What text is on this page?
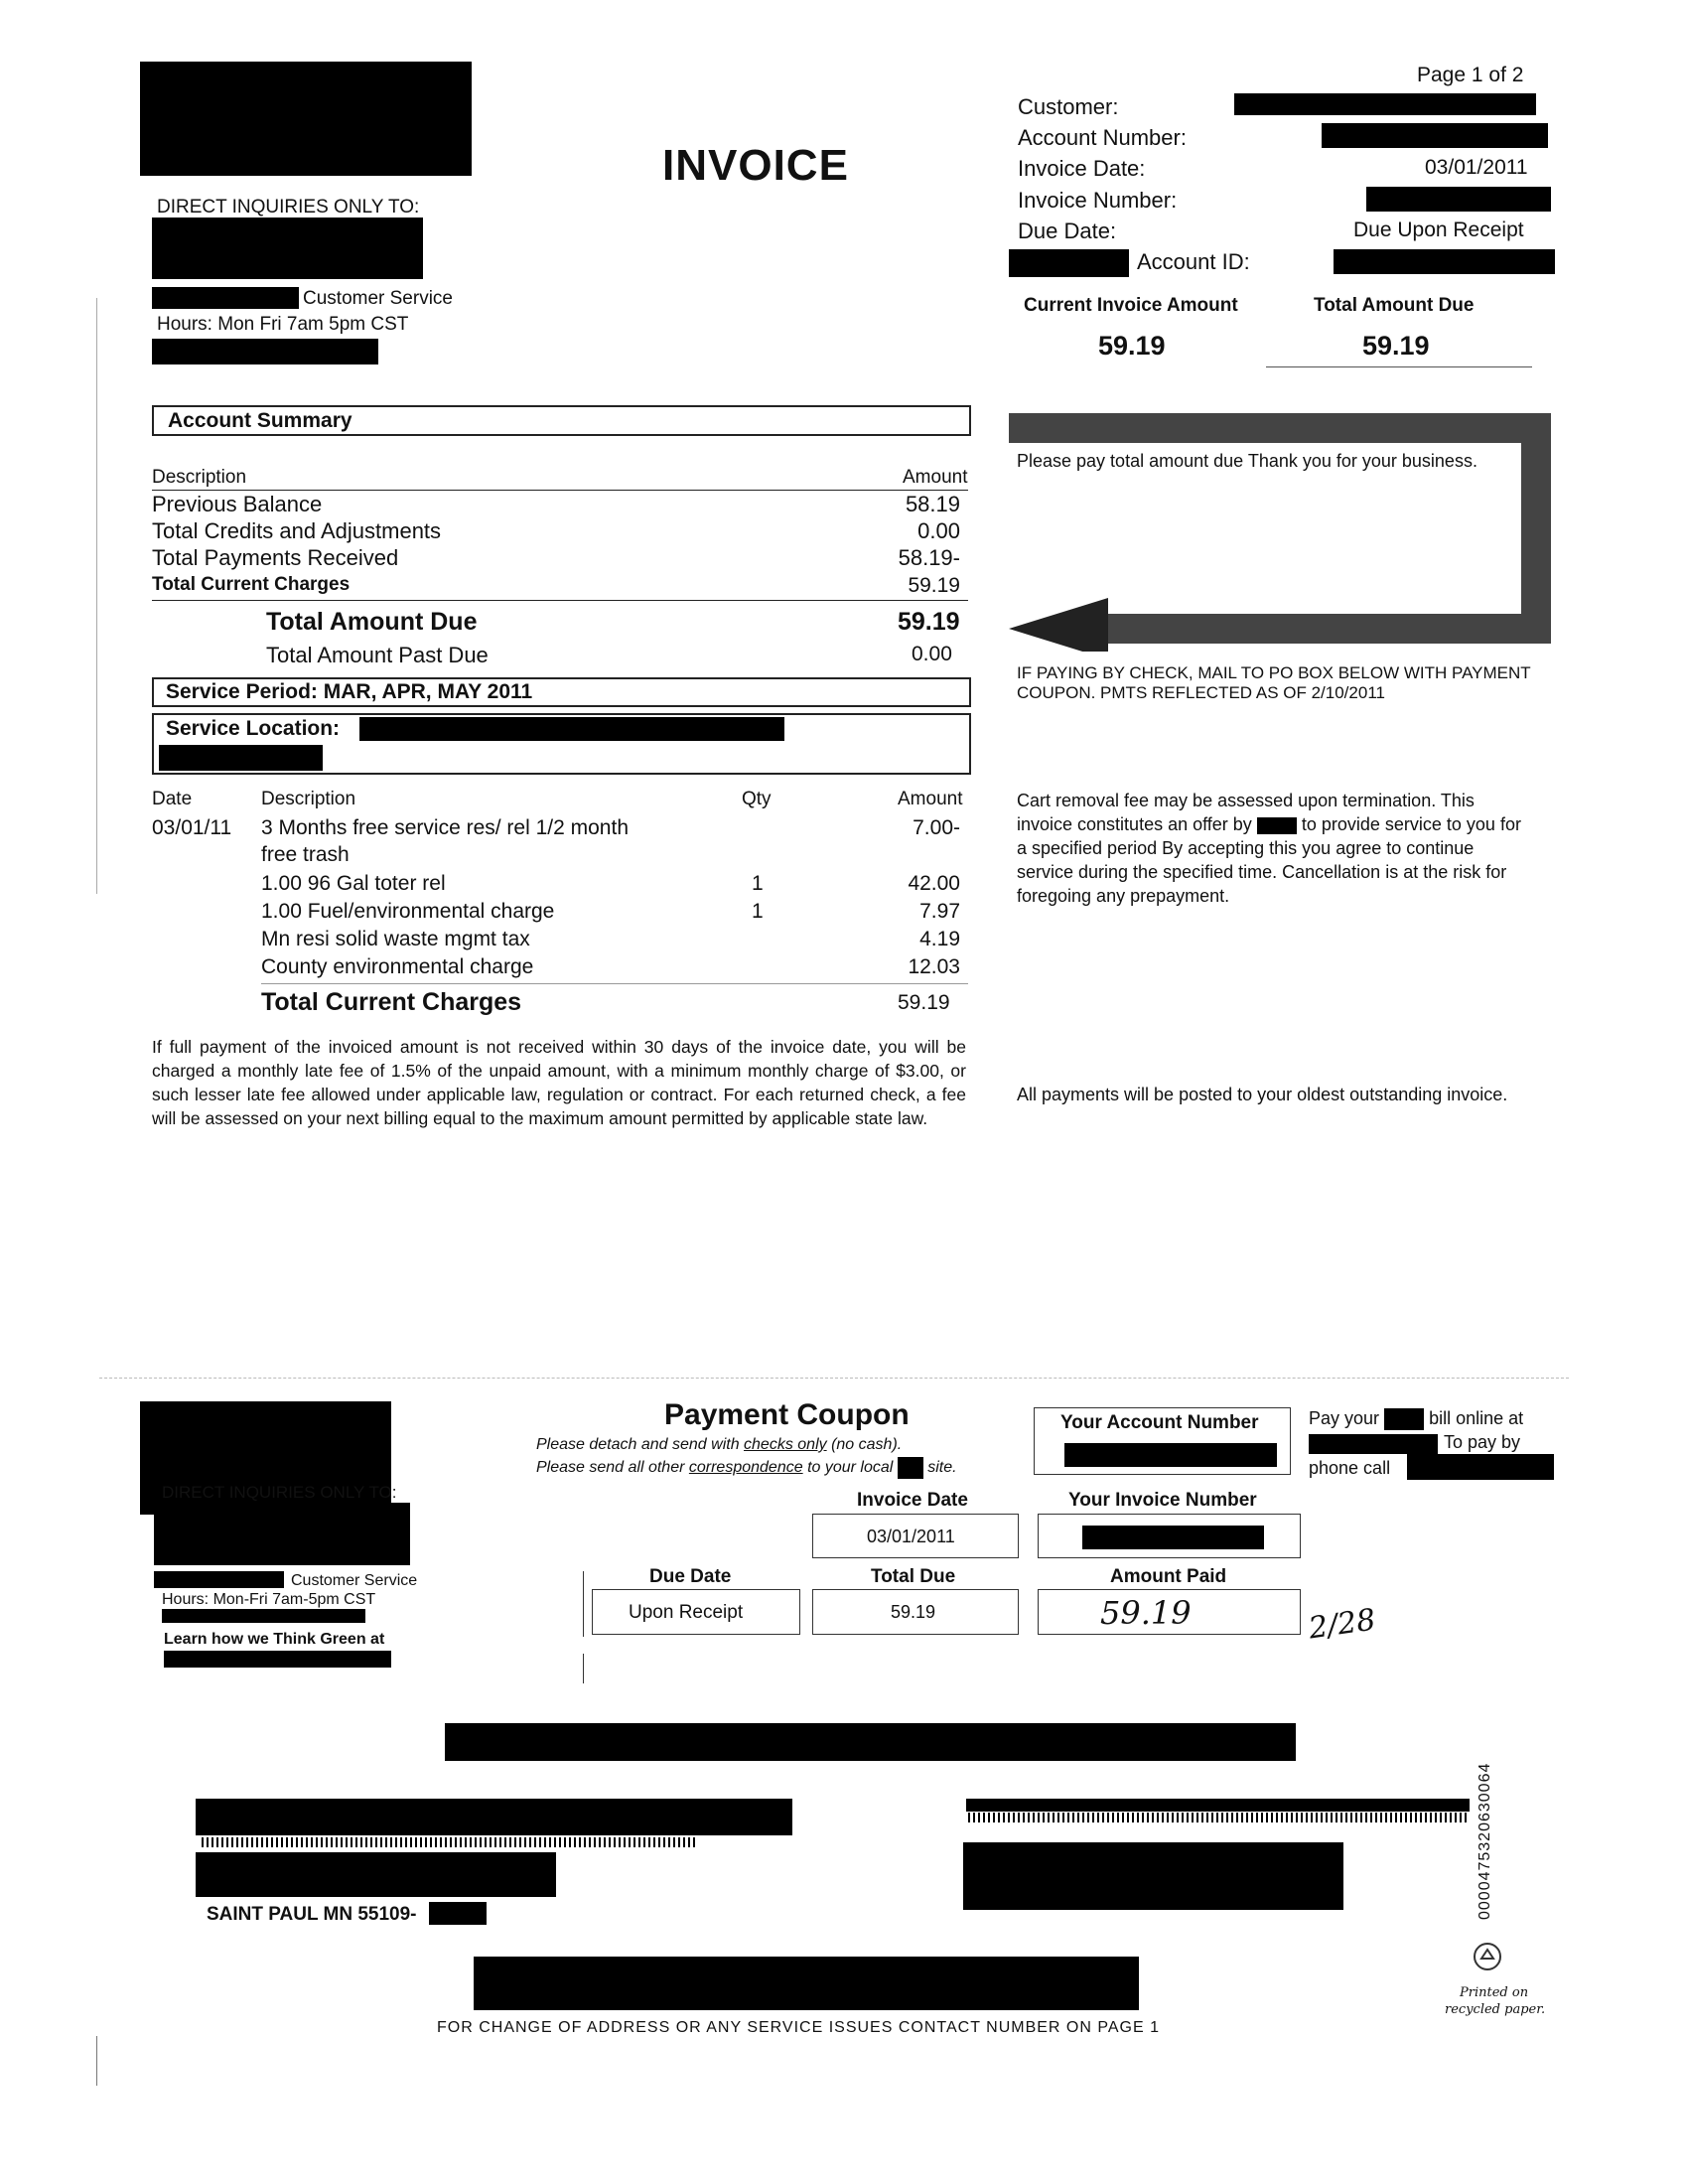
DIRECT INQUIRIES ONLY TO:
Customer Service
Hours: Mon Fri 7am 5pm CST
INVOICE
Page 1 of 2
Customer:
Account Number:
Invoice Date:	03/01/2011
Invoice Number:
Due Date:	Due Upon Receipt
Account ID:
Current Invoice Amount	Total Amount Due
59.19	59.19
Account Summary
Description	Amount
Previous Balance	58.19
Total Credits and Adjustments	0.00
Total Payments Received	58.19-
Total Current Charges	59.19
Total Amount Due	59.19
Total Amount Past Due	0.00
Service Period: MAR, APR, MAY 2011
Service Location:
Please pay total amount due Thank you for your business.
IF PAYING BY CHECK, MAIL TO PO BOX BELOW WITH PAYMENT COUPON. PMTS REFLECTED AS OF 2/10/2011
Date	Description	Qty	Amount
03/01/11 3 Months free service res/ rel 1/2 month	7.00-
free trash
1.00 96 Gal toter rel	1	42.00
1.00 Fuel/environmental charge	1	7.97
Mn resi solid waste mgmt tax	4.19
County environmental charge	12.03
Total Current Charges	59.19
If full payment of the invoiced amount is not received within 30 days of the invoice date, you will be charged a monthly late fee of 1.5% of the unpaid amount, with a minimum monthly charge of $3.00, or such lesser late fee allowed under applicable law, regulation or contract. For each returned check, a fee will be assessed on your next billing equal to the maximum amount permitted by applicable state law.
Cart removal fee may be assessed upon termination. This invoice constitutes an offer by	to provide service to you for a specified period By accepting this you agree to continue service during the specified time. Cancellation is at the risk for foregoing any prepayment.
All payments will be posted to your oldest outstanding invoice.
Payment Coupon
Please detach and send with checks only (no cash).
Please send all other correspondence to your local site.
Your Account Number	Pay your	bill online at
To pay by
phone call
DIRECT INQUIRIES ONLY TO:
Customer Service
Hours: Mon-Fri 7am-5pm CST
Learn how we Think Green at
Invoice Date
03/01/2011
Your Invoice Number
Due Date
Upon Receipt
Total Due
59.19
Amount Paid
59.19	2/28
SAINT PAUL MN 55109-	0000475320630064
Printed on
recycled paper.
FOR CHANGE OF ADDRESS OR ANY SERVICE ISSUES CONTACT NUMBER ON PAGE 1
